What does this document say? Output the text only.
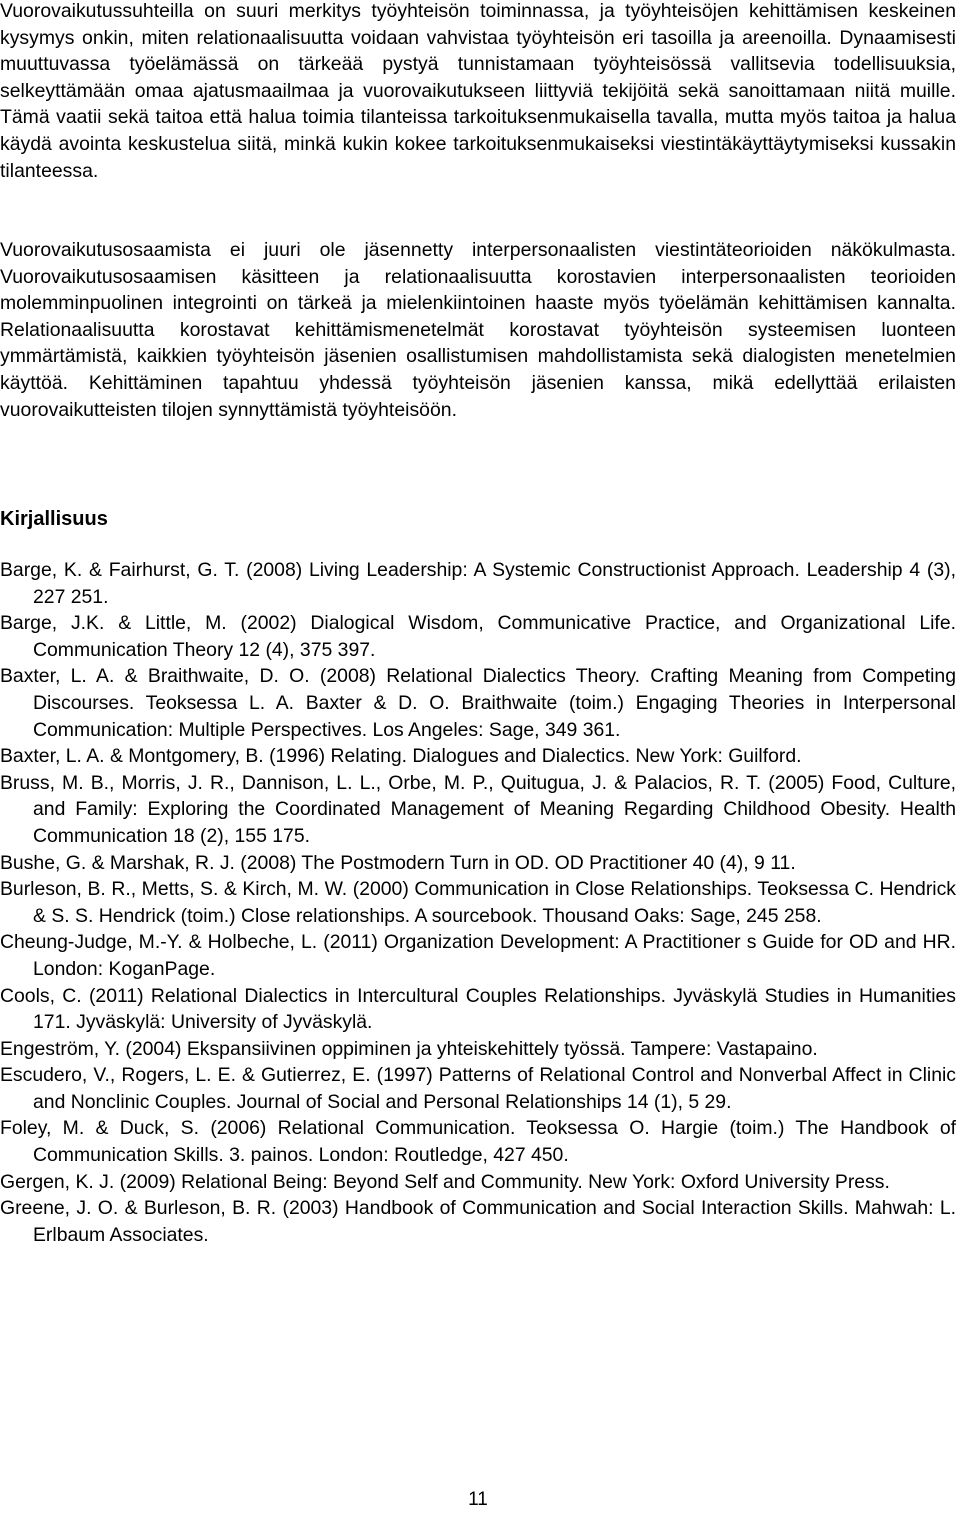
Vuorovaikutussuhteilla on suuri merkitys työyhteisön toiminnassa, ja työyhteisöjen kehittämisen keskeinen kysymys onkin, miten relationaalisuutta voidaan vahvistaa työyhteisön eri tasoilla ja areenoilla. Dynaamisesti muuttuvassa työelämässä on tärkeää pystyä tunnistamaan työyhteisössä vallitsevia todellisuuksia, selkeyttämään omaa ajatusmaailmaa ja vuorovaikutukseen liittyviä tekijöitä sekä sanoittamaan niitä muille. Tämä vaatii sekä taitoa että halua toimia tilanteissa tarkoituksenmukaisella tavalla, mutta myös taitoa ja halua käydä avointa keskustelua siitä, minkä kukin kokee tarkoituksenmukaiseksi viestintäkäyttäytymiseksi kussakin tilanteessa.

Vuorovaikutusosaamista ei juuri ole jäsennetty interpersonaalisten viestintäteorioiden näkökulmasta. Vuorovaikutusosaamisen käsitteen ja relationaalisuutta korostavien interpersonaalisten teorioiden molemminpuolinen integrointi on tärkeä ja mielenkiintoinen haaste myös työelämän kehittämisen kannalta. Relationaalisuutta korostavat kehittämismenetelmät korostavat työyhteisön systeemisen luonteen ymmärtämistä, kaikkien työyhteisön jäsenien osallistumisen mahdollistamista sekä dialogisten menetelmien käyttöä. Kehittäminen tapahtuu yhdessä työyhteisön jäsenien kanssa, mikä edellyttää erilaisten vuorovaikutteisten tilojen synnyttämistä työyhteisöön.

Kirjallisuus
Barge, K. & Fairhurst, G. T. (2008) Living Leadership: A Systemic Constructionist Approach. Leadership 4 (3), 227 251.
Barge, J.K. & Little, M. (2002) Dialogical Wisdom, Communicative Practice, and Organizational Life. Communication Theory 12 (4), 375 397.
Baxter, L. A. & Braithwaite, D. O. (2008) Relational Dialectics Theory. Crafting Meaning from Competing Discourses. Teoksessa L. A. Baxter & D. O. Braithwaite (toim.) Engaging Theories in Interpersonal Communication: Multiple Perspectives. Los Angeles: Sage, 349 361.
Baxter, L. A. & Montgomery, B. (1996) Relating. Dialogues and Dialectics. New York: Guilford.
Bruss, M. B., Morris, J. R., Dannison, L. L., Orbe, M. P., Quitugua, J. & Palacios, R. T. (2005) Food, Culture, and Family: Exploring the Coordinated Management of Meaning Regarding Childhood Obesity. Health Communication 18 (2), 155 175.
Bushe, G. & Marshak, R. J. (2008) The Postmodern Turn in OD. OD Practitioner 40 (4), 9 11.
Burleson, B. R., Metts, S. & Kirch, M. W. (2000) Communication in Close Relationships. Teoksessa C. Hendrick & S. S. Hendrick (toim.) Close relationships. A sourcebook. Thousand Oaks: Sage, 245 258.
Cheung-Judge, M.-Y. & Holbeche, L. (2011) Organization Development: A Practitioner s Guide for OD and HR. London: KoganPage.
Cools, C. (2011) Relational Dialectics in Intercultural Couples Relationships. Jyväskylä Studies in Humanities 171. Jyväskylä: University of Jyväskylä.
Engeström, Y. (2004) Ekspansiivinen oppiminen ja yhteiskehittely työssä. Tampere: Vastapaino.
Escudero, V., Rogers, L. E. & Gutierrez, E. (1997) Patterns of Relational Control and Nonverbal Affect in Clinic and Nonclinic Couples. Journal of Social and Personal Relationships 14 (1), 5 29.
Foley, M. & Duck, S. (2006) Relational Communication. Teoksessa O. Hargie (toim.) The Handbook of Communication Skills. 3. painos. London: Routledge, 427 450.
Gergen, K. J. (2009) Relational Being: Beyond Self and Community. New York: Oxford University Press.
Greene, J. O. & Burleson, B. R. (2003) Handbook of Communication and Social Interaction Skills. Mahwah: L. Erlbaum Associates.
11
